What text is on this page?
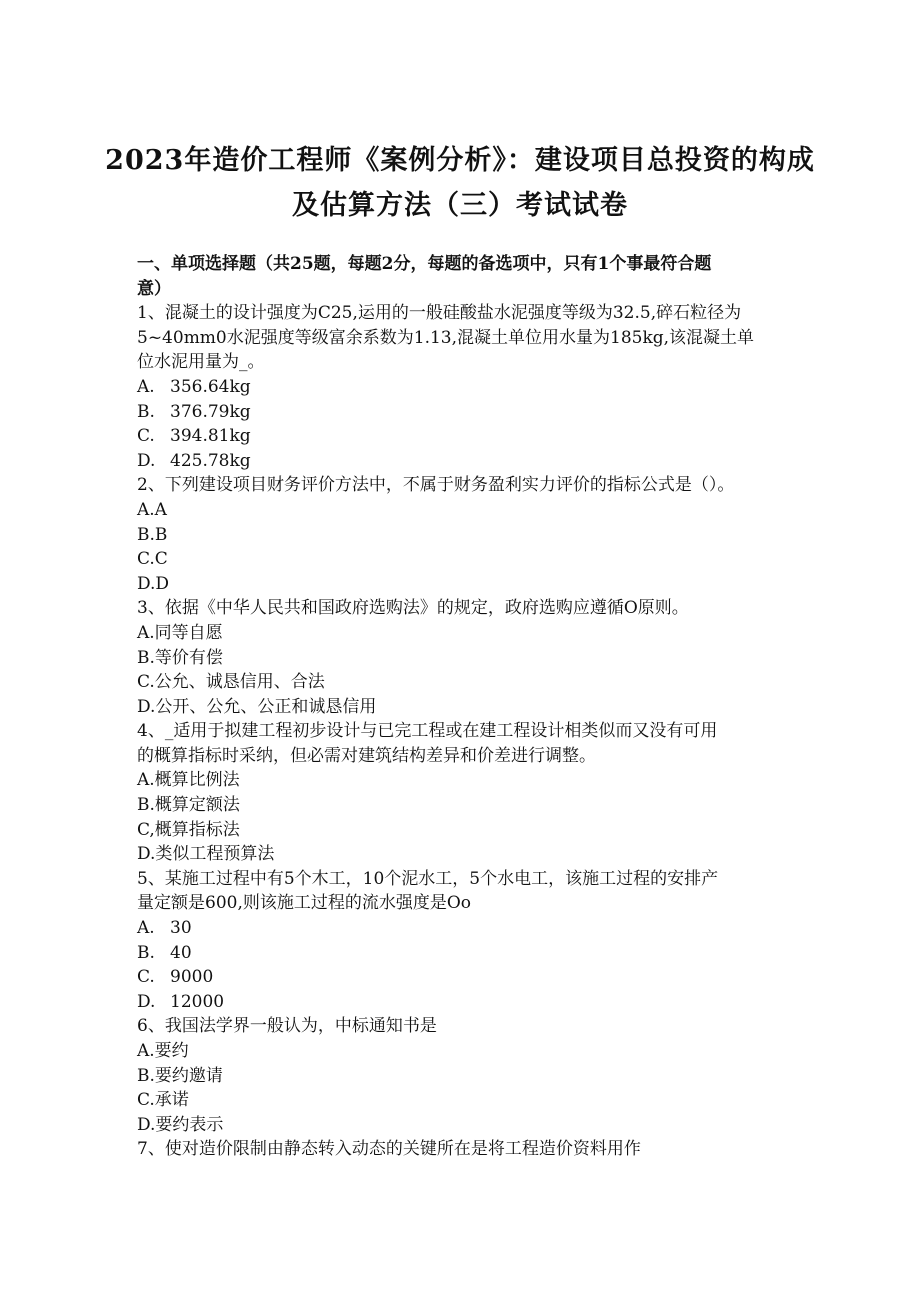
2023年造价工程师《案例分析》：建设项目总投资的构成
及估算方法（三）考试试卷
一、单项选择题（共25题，每题2分，每题的备选项中，只有1个事最符合题
意）
1、混凝土的设计强度为C25,运用的一般硅酸盐水泥强度等级为32.5,碎石粒径为
5~40mm0水泥强度等级富余系数为1.13,混凝土单位用水量为185kg,该混凝土单
位水泥用量为_。
A. 356.64kg
B. 376.79kg
C. 394.81kg
D. 425.78kg
2、下列建设项目财务评价方法中，不属于财务盈利实力评价的指标公式是（）。
A.A
B.B
C.C
D.D
3、依据《中华人民共和国政府选购法》的规定，政府选购应遵循O原则。
A.同等自愿
B.等价有偿
C.公允、诚恳信用、合法
D.公开、公允、公正和诚恳信用
4、_适用于拟建工程初步设计与已完工程或在建工程设计相类似而又没有可用
的概算指标时采纳，但必需对建筑结构差异和价差进行调整。
A.概算比例法
B.概算定额法
C,概算指标法
D.类似工程预算法
5、某施工过程中有5个木工，10个泥水工，5个水电工，该施工过程的安排产
量定额是600,则该施工过程的流水强度是Oo
A. 30
B. 40
C. 9000
D. 12000
6、我国法学界一般认为，中标通知书是
A.要约
B.要约邀请
C.承诺
D.要约表示
7、使对造价限制由静态转入动态的关键所在是将工程造价资料用作
